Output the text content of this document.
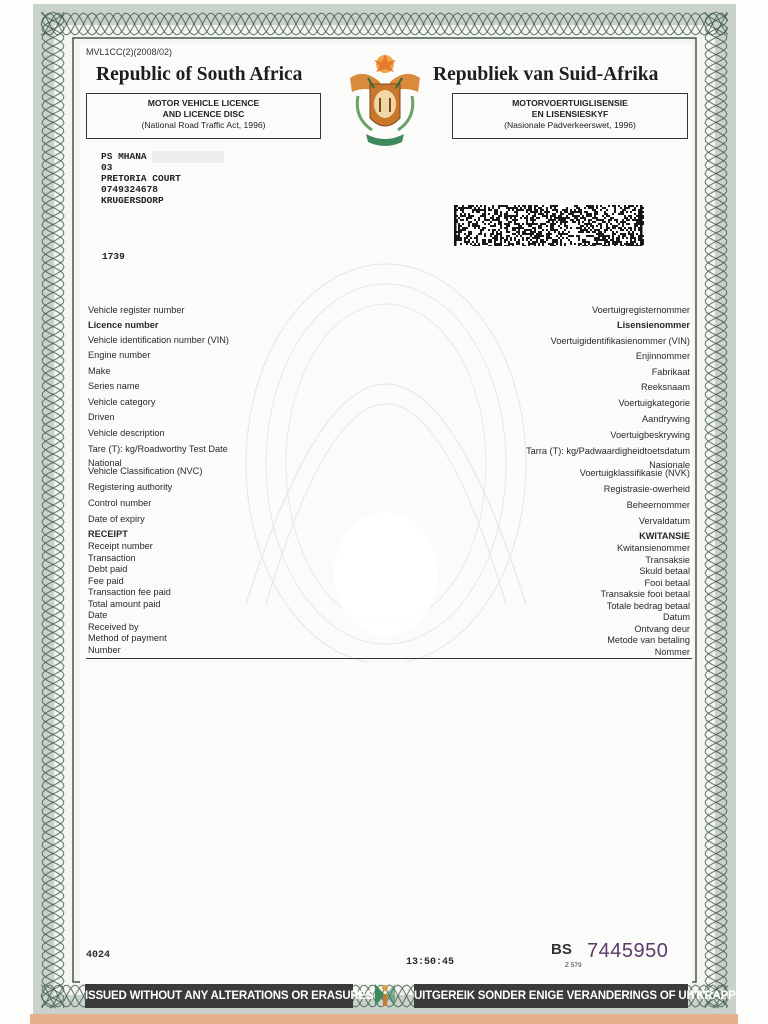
MVL1CC(2)(2008/02)
Republic of South Africa	Republiek van Suid-Afrika
MOTOR VEHICLE LICENCE
AND LICENCE DISC
(National Road Traffic Act, 1996)
MOTORVOERTUIGLISENSIE
EN LISENSIESKYF
(Nasionale Padverkeerswet, 1996)
PS MHANA
03
PRETORIA COURT
0749324678
KRUGERSDORP
1739
Vehicle register number	Voertuigregisternommer
Licence number	Lisensienommer
Vehicle identification number (VIN)	Voertuigidentifikasienommer (VIN)
Engine number	Enjinnommer
Make	Fabrikaat
Series name	Reeksnaam
Vehicle category	Voertuigkategorie
Driven	Aandrywing
Vehicle description	Voertuigbeskrywing
Tare (T): kg/Roadworthy Test Date	Tarra (T): kg/Padwaardigheidtoetsdatum
National	Nasionale
Vehicle Classification (NVC)	Voertuigklassifikasie (NVK)
Registering authority	Registrasie-owerheid
Control number	Beheernommer
Date of expiry	Vervaldatum
RECEIPT	KWITANSIE
Receipt number	Kwitansienommer
Transaction	Transaksie
Debt paid	Skuld betaal
Fee paid	Fooi betaal
Transaction fee paid	Transaksie fooi betaal
Total amount paid	Totale bedrag betaal
Date	Datum
Received by	Ontvang deur
Method of payment	Metode van betaling
Number	Nommer
4024
13:50:45
BS 7445950
Z 579
ISSUED WITHOUT ANY ALTERATIONS OR ERASURES	UITGEREIK SONDER ENIGE VERANDERINGS OF UITKRAPPINGS
